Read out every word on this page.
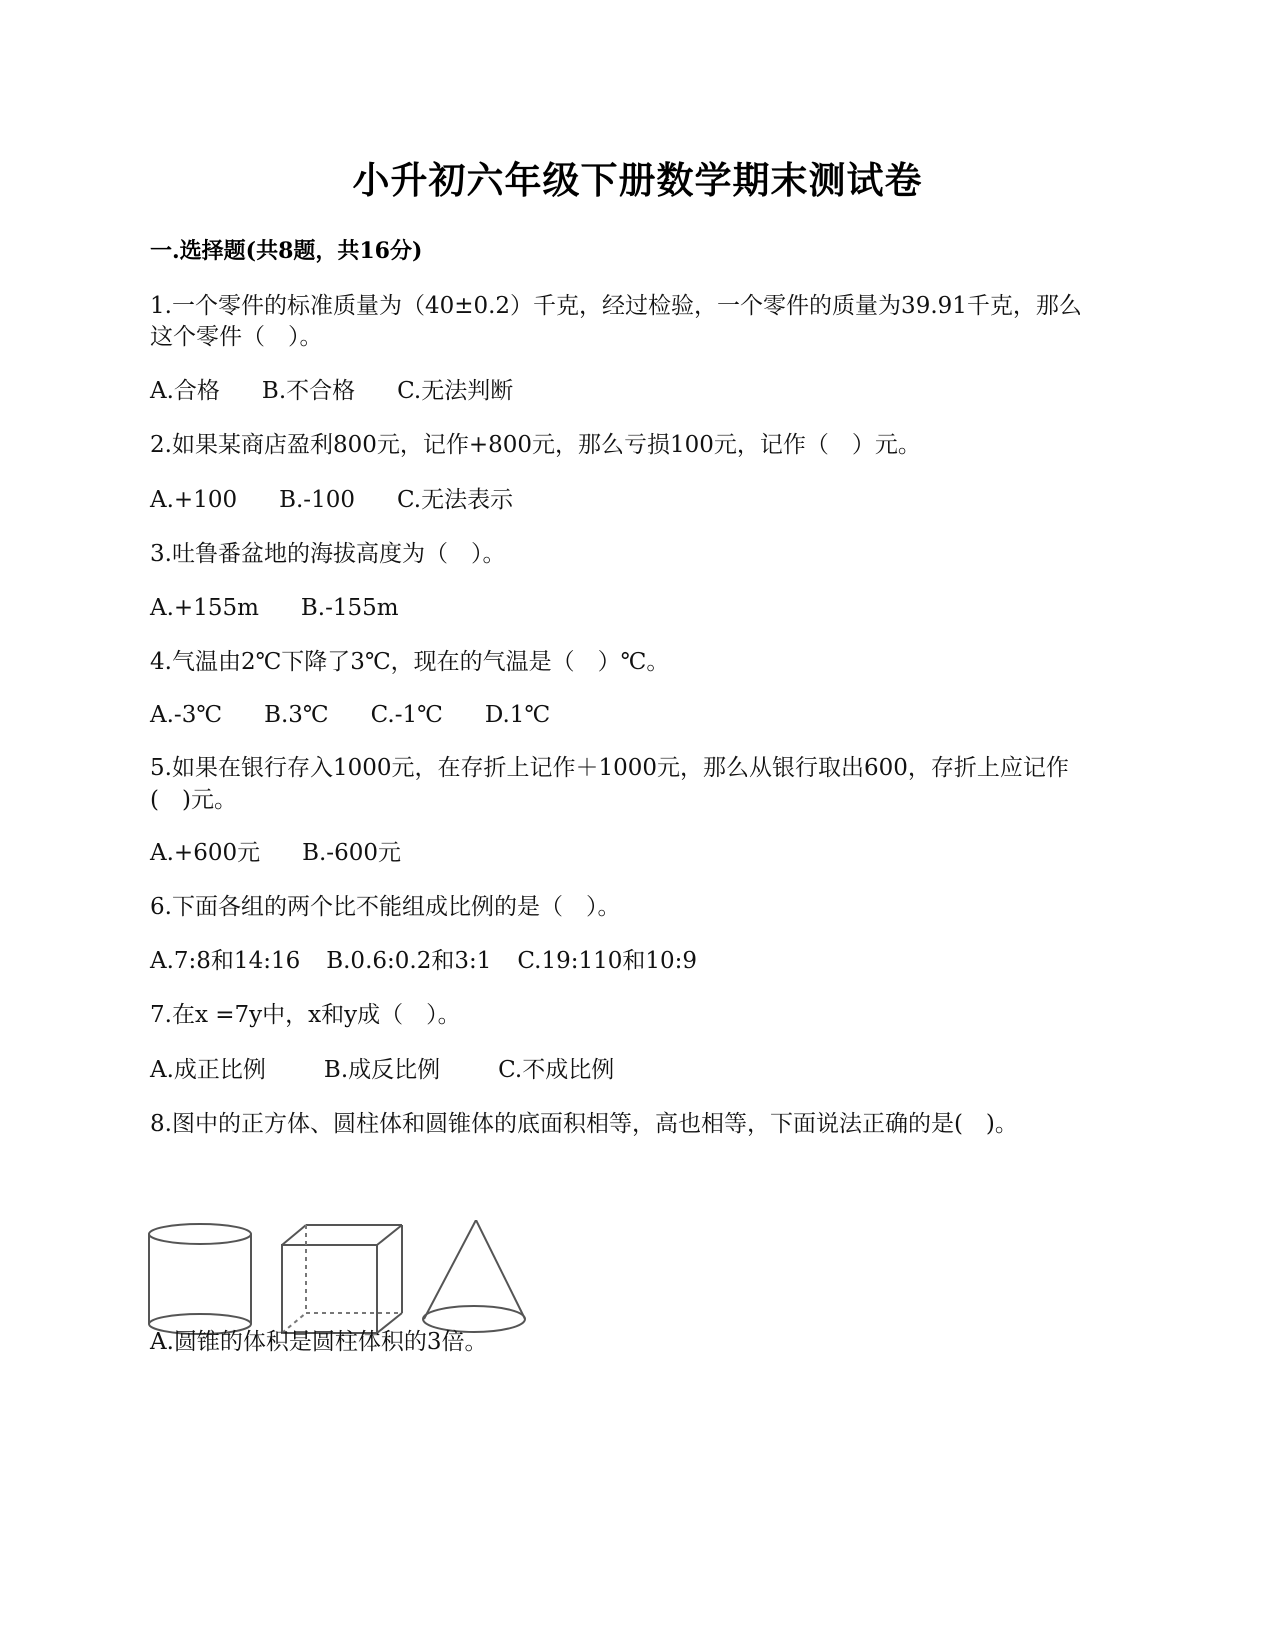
小升初六年级下册数学期末测试卷
一.选择题(共8题，共16分)
1.一个零件的标准质量为（40±0.2）千克，经过检验，一个零件的质量为39.91千克，那么
这个零件（　）。
A.合格 B.不合格 C.无法判断
2.如果某商店盈利800元，记作+800元，那么亏损100元，记作（　）元。
A.+100 B.-100 C.无法表示
3.吐鲁番盆地的海拔高度为（　）。
A.+155m B.-155m
4.气温由2℃下降了3℃，现在的气温是（　）℃。
A.-3℃ B.3℃ C.-1℃ D.1℃
5.如果在银行存入1000元，在存折上记作＋1000元，那么从银行取出600，存折上应记作
(　)元。
A.+600元 B.-600元
6.下面各组的两个比不能组成比例的是（　）。
A.7:8和14:16 B.0.6:0.2和3:1 C.19:110和10:9
7.在x =7y中，x和y成（　）。
A.成正比例	B.成反比例	C.不成比例
8.图中的正方体、圆柱体和圆锥体的底面积相等，高也相等，下面说法正确的是(　)。
A.圆锥的体积是圆柱体积的3倍。
